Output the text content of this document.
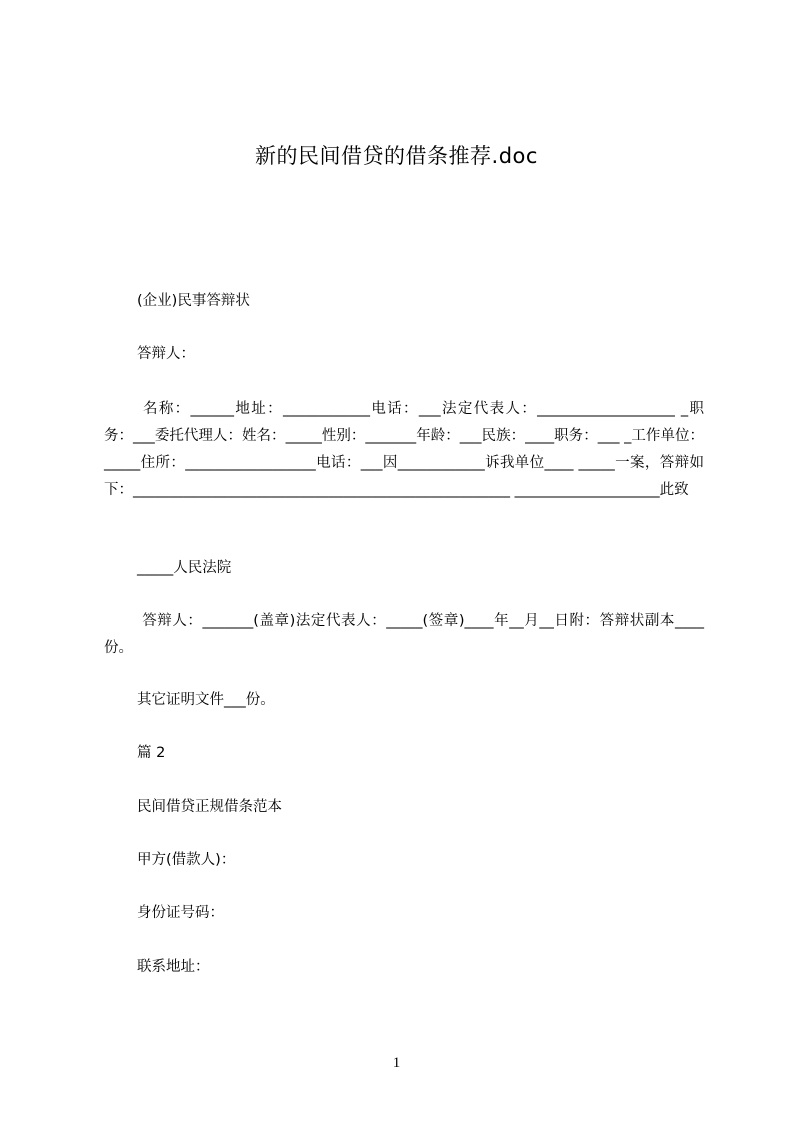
新的民间借贷的借条推荐.doc
(企业)民事答辩状
答辩人：
名称：______地址：____________电话：___法定代表人：___________________ _职务：___委托代理人：姓名：_____性别：_______年龄：___民族：____职务：___ _工作单位：_____住所：__________________电话：___因____________诉我单位____ _____一案，答辩如下：____________________________________________________ ____________________此致
_____人民法院
答辩人：_______(盖章)法定代表人：_____(签章)____年__月__日附：答辩状副本____份。
其它证明文件___份。
篇 2
民间借贷正规借条范本
甲方(借款人)：
身份证号码：
联系地址：
1
